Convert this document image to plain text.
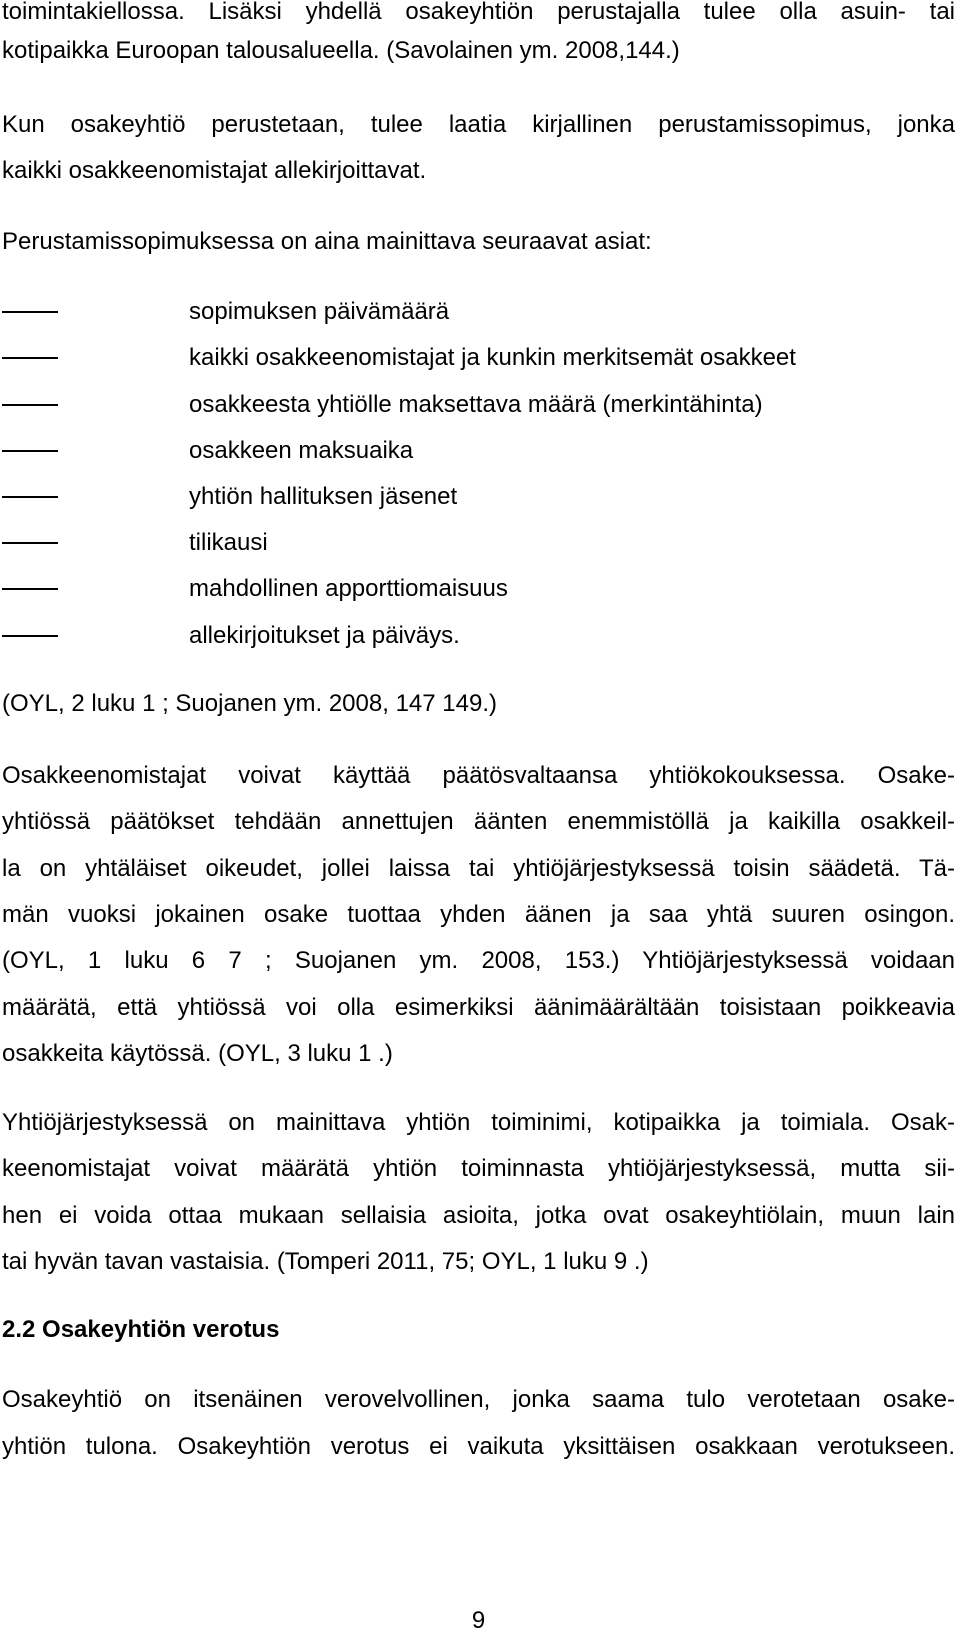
toimintakiellossa. Lisäksi yhdellä osakeyhtiön perustajalla tulee olla asuin- tai
kotipaikka Euroopan talousalueella. (Savolainen ym. 2008,144.)
Kun osakeyhtiö perustetaan, tulee laatia kirjallinen perustamissopimus, jonka
kaikki osakkeenomistajat allekirjoittavat.
Perustamissopimuksessa on aina mainittava seuraavat asiat:
sopimuksen päivämäärä
kaikki osakkeenomistajat ja kunkin merkitsemät osakkeet
osakkeesta yhtiölle maksettava määrä (merkintähinta)
osakkeen maksuaika
yhtiön hallituksen jäsenet
tilikausi
mahdollinen apporttiomaisuus
allekirjoitukset ja päiväys.
(OYL, 2 luku 1 ; Suojanen ym. 2008, 147 149.)
Osakkeenomistajat voivat käyttää päätösvaltaansa yhtiökokouksessa. Osake-
yhtiössä päätökset tehdään annettujen äänten enemmistöllä ja kaikilla osakkeil-
la on yhtäläiset oikeudet, jollei laissa tai yhtiöjärjestyksessä toisin säädetä. Tä-
män vuoksi jokainen osake tuottaa yhden äänen ja saa yhtä suuren osingon.
(OYL, 1 luku 6 7 ; Suojanen ym. 2008, 153.) Yhtiöjärjestyksessä voidaan
määrätä, että yhtiössä voi olla esimerkiksi äänimäärältään toisistaan poikkeavia
osakkeita käytössä. (OYL, 3 luku 1 .)
Yhtiöjärjestyksessä on mainittava yhtiön toiminimi, kotipaikka ja toimiala. Osak-
keenomistajat voivat määrätä yhtiön toiminnasta yhtiöjärjestyksessä, mutta sii-
hen ei voida ottaa mukaan sellaisia asioita, jotka ovat osakeyhtiölain, muun lain
tai hyvän tavan vastaisia. (Tomperi 2011, 75; OYL, 1 luku 9 .)
2.2 Osakeyhtiön verotus
Osakeyhtiö on itsenäinen verovelvollinen, jonka saama tulo verotetaan osake-
yhtiön tulona. Osakeyhtiön verotus ei vaikuta yksittäisen osakkaan verotukseen.
9
